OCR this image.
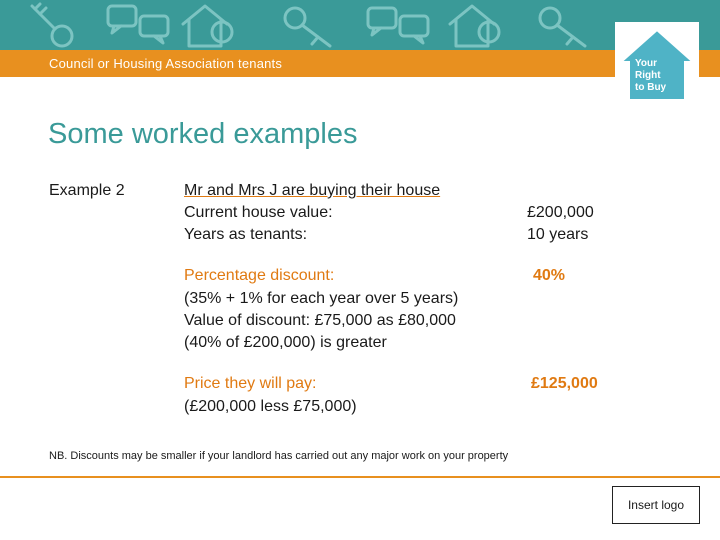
Council or Housing Association tenants	Your
Right
to Buy
Some worked examples
Example 2	Mr and Mrs J are buying their house
Current house value:	£200,000
Years as tenants:	10 years
Percentage discount:	40%
(35% + 1% for each year over 5 years)
Value of discount: £75,000 as £80,000
(40% of £200,000) is greater
Price they will pay:	£125,000
(£200,000 less £75,000)
NB. Discounts may be smaller if your landlord has carried out any major work on your property
Insert logo
